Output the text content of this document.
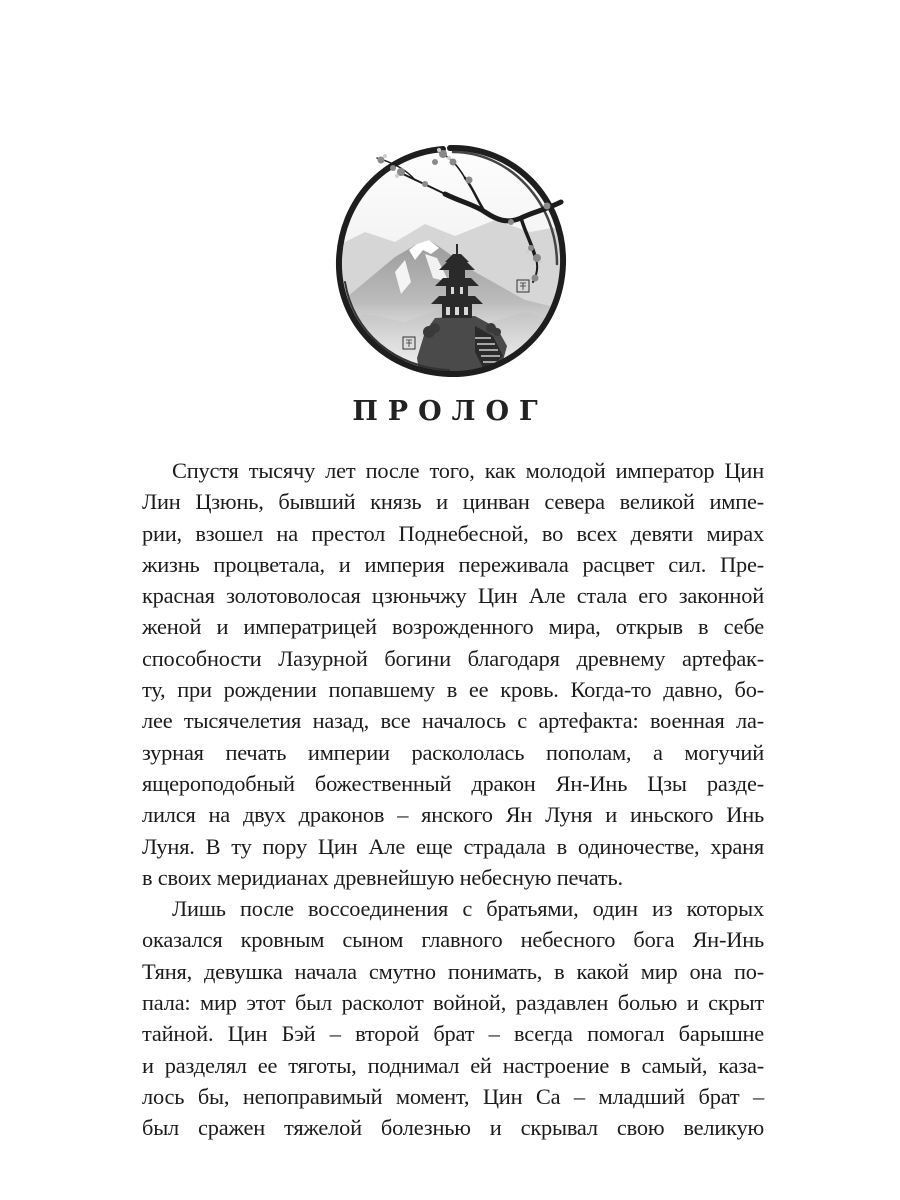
ПРОЛОГ
Спустя тысячу лет после того, как молодой император Цин
Лин Цзюнь, бывший князь и цинван севера великой импе-
рии, взошел на престол Поднебесной, во всех девяти мирах
жизнь процветала, и империя переживала расцвет сил. Пре-
красная золотоволосая цзюньчжу Цин Але стала его законной
женой и императрицей возрожденного мира, открыв в себе
способности Лазурной богини благодаря древнему артефак-
ту, при рождении попавшему в ее кровь. Когда-то давно, бо-
лее тысячелетия назад, все началось с артефакта: военная ла-
зурная печать империи раскололась пополам, а могучий
ящероподобный божественный дракон Ян-Инь Цзы разде-
лился на двух драконов – янского Ян Луня и иньского Инь
Луня. В ту пору Цин Але еще страдала в одиночестве, храня
в своих меридианах древнейшую небесную печать.
Лишь после воссоединения с братьями, один из которых
оказался кровным сыном главного небесного бога Ян-Инь
Тяня, девушка начала смутно понимать, в какой мир она по-
пала: мир этот был расколот войной, раздавлен болью и скрыт
тайной. Цин Бэй – второй брат – всегда помогал барышне
и разделял ее тяготы, поднимал ей настроение в самый, каза-
лось бы, непоправимый момент, Цин Са – младший брат –
был сражен тяжелой болезнью и скрывал свою великую
